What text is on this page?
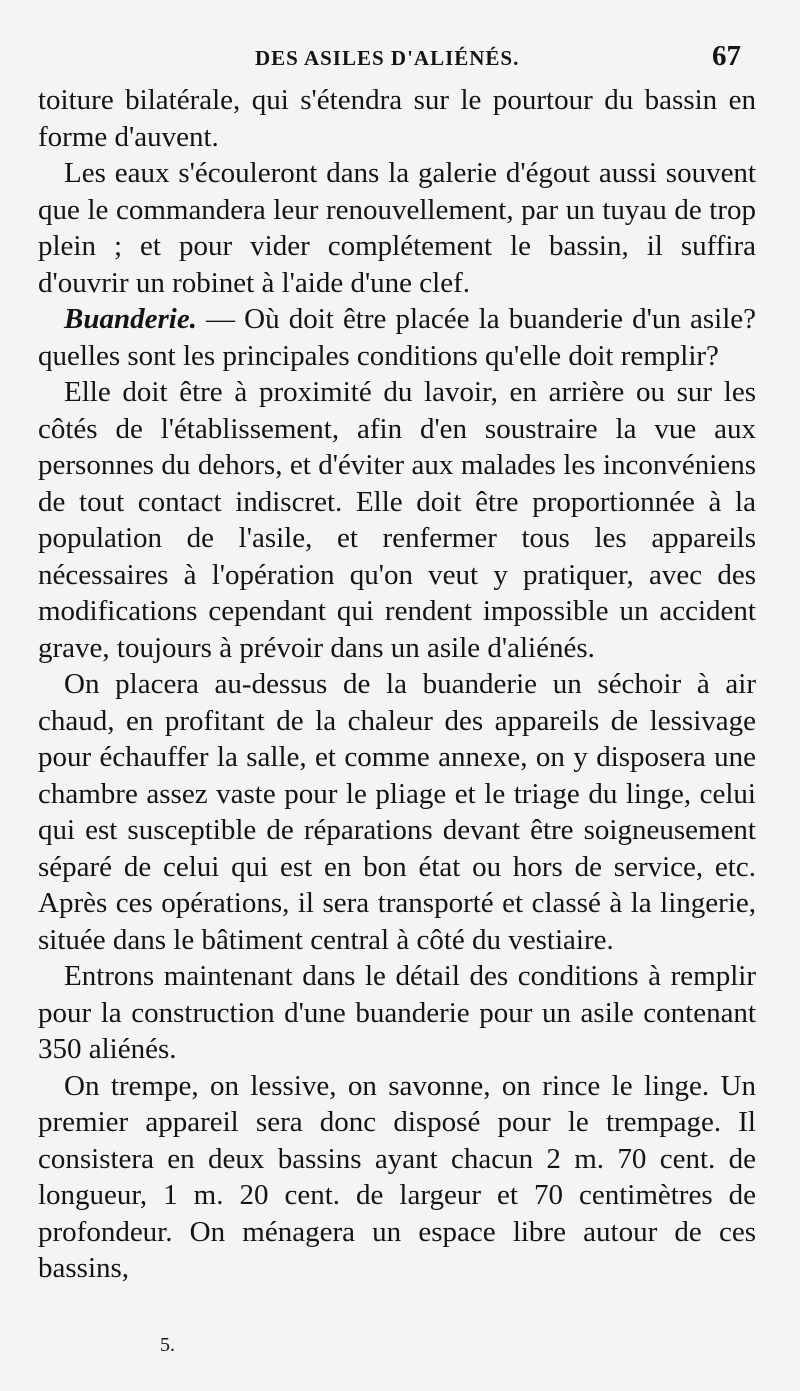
DES ASILES D'ALIÉNÉS.	67

toiture bilatérale, qui s'étendra sur le pourtour du bassin en forme d'auvent.

Les eaux s'écouleront dans la galerie d'égout aussi souvent que le commandera leur renouvellement, par un tuyau de trop plein ; et pour vider complétement le bassin, il suffira d'ouvrir un robinet à l'aide d'une clef.

Buanderie. — Où doit être placée la buanderie d'un asile? quelles sont les principales conditions qu'elle doit remplir?

Elle doit être à proximité du lavoir, en arrière ou sur les côtés de l'établissement, afin d'en soustraire la vue aux personnes du dehors, et d'éviter aux malades les inconvéniens de tout contact indiscret. Elle doit être proportionnée à la population de l'asile, et renfermer tous les appareils nécessaires à l'opération qu'on veut y pratiquer, avec des modifications cependant qui rendent impossible un accident grave, toujours à prévoir dans un asile d'aliénés.

On placera au-dessus de la buanderie un séchoir à air chaud, en profitant de la chaleur des appareils de lessivage pour échauffer la salle, et comme annexe, on y disposera une chambre assez vaste pour le pliage et le triage du linge, celui qui est susceptible de réparations devant être soigneusement séparé de celui qui est en bon état ou hors de service, etc. Après ces opérations, il sera transporté et classé à la lingerie, située dans le bâtiment central à côté du vestiaire.

Entrons maintenant dans le détail des conditions à remplir pour la construction d'une buanderie pour un asile contenant 350 aliénés.

On trempe, on lessive, on savonne, on rince le linge. Un premier appareil sera donc disposé pour le trempage. Il consistera en deux bassins ayant chacun 2 m. 70 cent. de longueur, 1 m. 20 cent. de largeur et 70 centimètres de profondeur. On ménagera un espace libre autour de ces bassins,

5.
